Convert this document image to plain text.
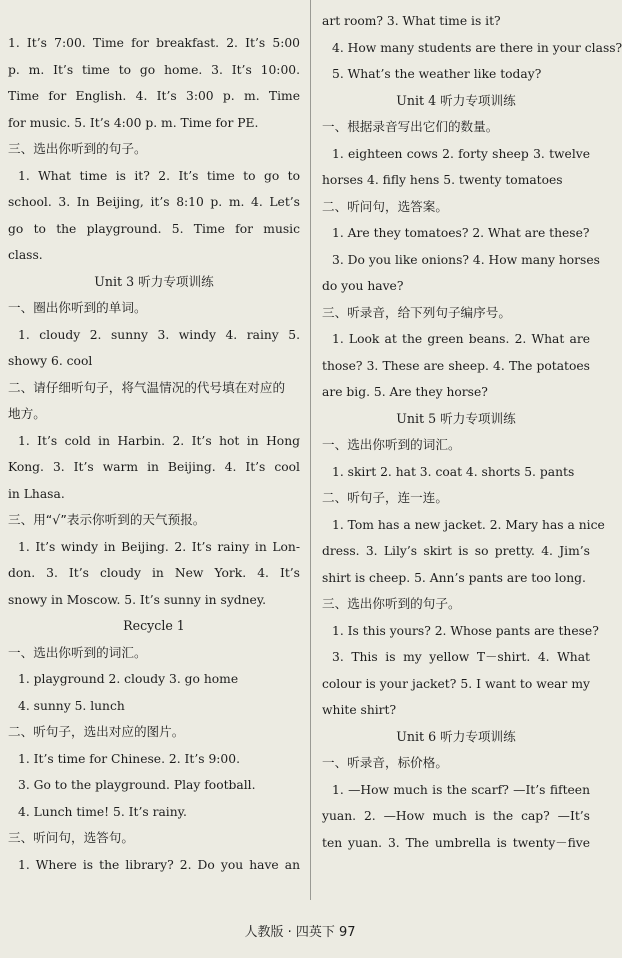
1. It’s 7:00. Time for breakfast. 2. It’s 5:00
p. m. It’s time to go home. 3. It’s 10:00.
Time for English. 4. It’s 3:00 p. m. Time
for music. 5. It’s 4:00 p. m. Time for PE.
三、选出你听到的句子。
1. What time is it? 2. It’s time to go to
school. 3. In Beijing, it’s 8:10 p. m. 4. Let’s
go to the playground. 5. Time for music
class.
Unit 3 听力专项训练
一、圈出你听到的单词。
1. cloudy 2. sunny 3. windy 4. rainy 5.
showy 6. cool
二、请仔细听句子，将气温情况的代号填在对应的
地方。
1. It’s cold in Harbin. 2. It’s hot in Hong
Kong. 3. It’s warm in Beijing. 4. It’s cool
in Lhasa.
三、用“√”表示你听到的天气预报。
1. It’s windy in Beijing. 2. It’s rainy in Lon-
don. 3. It’s cloudy in New York. 4. It’s
snowy in Moscow. 5. It’s sunny in sydney.
Recycle 1
一、选出你听到的词汇。
1. playground 2. cloudy 3. go home
4. sunny 5. lunch
二、听句子，选出对应的图片。
1. It’s time for Chinese. 2. It’s 9:00.
3. Go to the playground. Play football.
4. Lunch time! 5. It’s rainy.
三、听问句，选答句。
1. Where is the library? 2. Do you have an
art room? 3. What time is it?
4. How many students are there in your class?
5. What’s the weather like today?
Unit 4 听力专项训练
一、根据录音写出它们的数量。
1. eighteen cows 2. forty sheep 3. twelve
horses 4. fifly hens 5. twenty tomatoes
二、听问句，选答案。
1. Are they tomatoes? 2. What are these?
3. Do you like onions? 4. How many horses
do you have?
三、听录音，给下列句子编序号。
1. Look at the green beans. 2. What are
those? 3. These are sheep. 4. The potatoes
are big. 5. Are they horse?
Unit 5 听力专项训练
一、选出你听到的词汇。
1. skirt 2. hat 3. coat 4. shorts 5. pants
二、听句子，连一连。
1. Tom has a new jacket. 2. Mary has a nice
dress. 3. Lily’s skirt is so pretty. 4. Jim’s
shirt is cheep. 5. Ann’s pants are too long.
三、选出你听到的句子。
1. Is this yours? 2. Whose pants are these?
3. This is my yellow T－shirt. 4. What
colour is your jacket? 5. I want to wear my
white shirt?
Unit 6 听力专项训练
一、听录音，标价格。
1. —How much is the scarf? —It’s fifteen
yuan. 2. —How much is the cap? —It’s
ten yuan. 3. The umbrella is twenty－five
人教版 · 四英下 97
